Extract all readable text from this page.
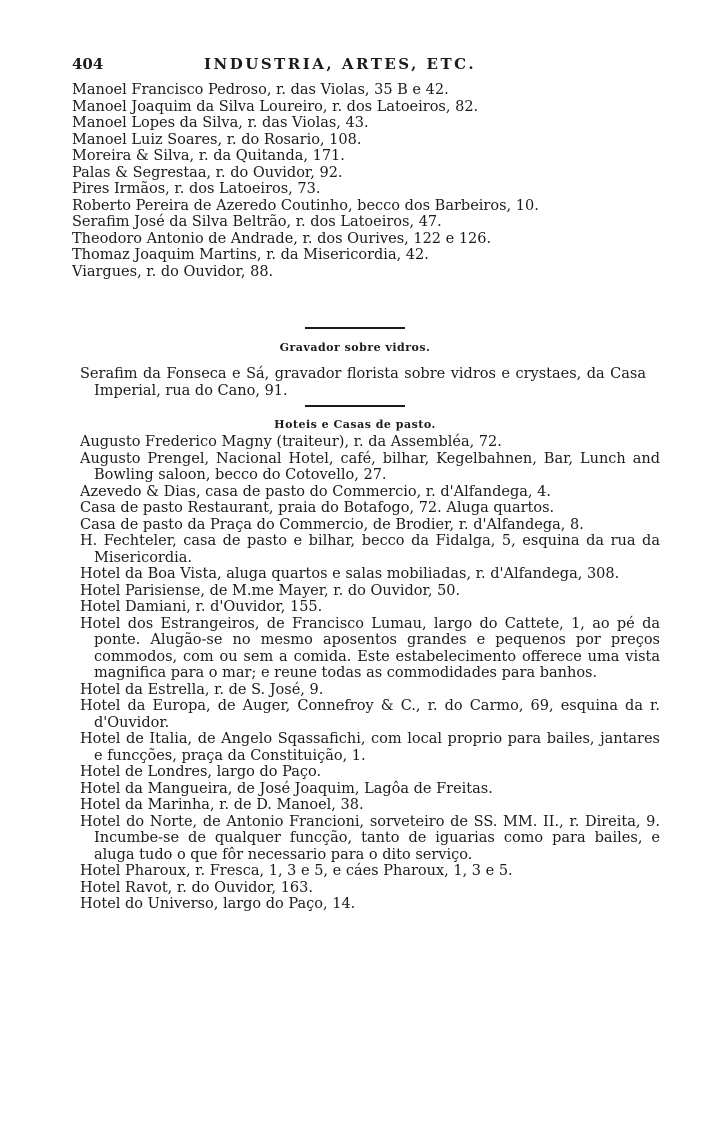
404	INDUSTRIA, ARTES, ETC.

Manoel Francisco Pedroso, r. das Violas, 35 B e 42.

Manoel Joaquim da Silva Loureiro, r. dos Latoeiros, 82.

Manoel Lopes da Silva, r. das Violas, 43.

Manoel Luiz Soares, r. do Rosario, 108.

Moreira & Silva, r. da Quitanda, 171.

Palas & Segrestaa, r. do Ouvidor, 92.

Pires Irmãos, r. dos Latoeiros, 73.

Roberto Pereira de Azeredo Coutinho, becco dos Barbeiros, 10.

Serafim José da Silva Beltrão, r. dos Latoeiros, 47.

Theodoro Antonio de Andrade, r. dos Ourives, 122 e 126.

Thomaz Joaquim Martins, r. da Misericordia, 42.

Viargues, r. do Ouvidor, 88.

Gravador sobre vidros.

Serafim da Fonseca e Sá, gravador florista sobre vidros e crystaes, da Casa Imperial, rua do Cano, 91.

Hoteis e Casas de pasto.

Augusto Frederico Magny (traiteur), r. da Assembléa, 72.

Augusto Prengel, Nacional Hotel, café, bilhar, Kegelbahnen, Bar, Lunch and Bowling saloon, becco do Cotovello, 27.

Azevedo & Dias, casa de pasto do Commercio, r. d'Alfandega, 4.

Casa de pasto Restaurant, praia do Botafogo, 72. Aluga quartos.

Casa de pasto da Praça do Commercio, de Brodier, r. d'Alfandega, 8.

H. Fechteler, casa de pasto e bilhar, becco da Fidalga, 5, esquina da rua da Misericordia.

Hotel da Boa Vista, aluga quartos e salas mobiliadas, r. d'Alfandega, 308.

Hotel Parisiense, de M.me Mayer, r. do Ouvidor, 50.

Hotel Damiani, r. d'Ouvidor, 155.

Hotel dos Estrangeiros, de Francisco Lumau, largo do Cattete, 1, ao pé da ponte. Alugão-se no mesmo aposentos grandes e pequenos por preços commodos, com ou sem a comida. Este estabelecimento offerece uma vista magnifica para o mar; e reune todas as commodidades para banhos.

Hotel da Estrella, r. de S. José, 9.

Hotel da Europa, de Auger, Connefroy & C., r. do Carmo, 69, esquina da r. d'Ouvidor.

Hotel de Italia, de Angelo Sqassafichi, com local proprio para bailes, jantares e funcções, praça da Constituição, 1.

Hotel de Londres, largo do Paço.

Hotel da Mangueira, de José Joaquim, Lagôa de Freitas.

Hotel da Marinha, r. de D. Manoel, 38.

Hotel do Norte, de Antonio Francioni, sorveteiro de SS. MM. II., r. Direita, 9. Incumbe-se de qualquer funcção, tanto de iguarias como para bailes, e aluga tudo o que fôr necessario para o dito serviço.

Hotel Pharoux, r. Fresca, 1, 3 e 5, e cáes Pharoux, 1, 3 e 5.

Hotel Ravot, r. do Ouvidor, 163.

Hotel do Universo, largo do Paço, 14.
